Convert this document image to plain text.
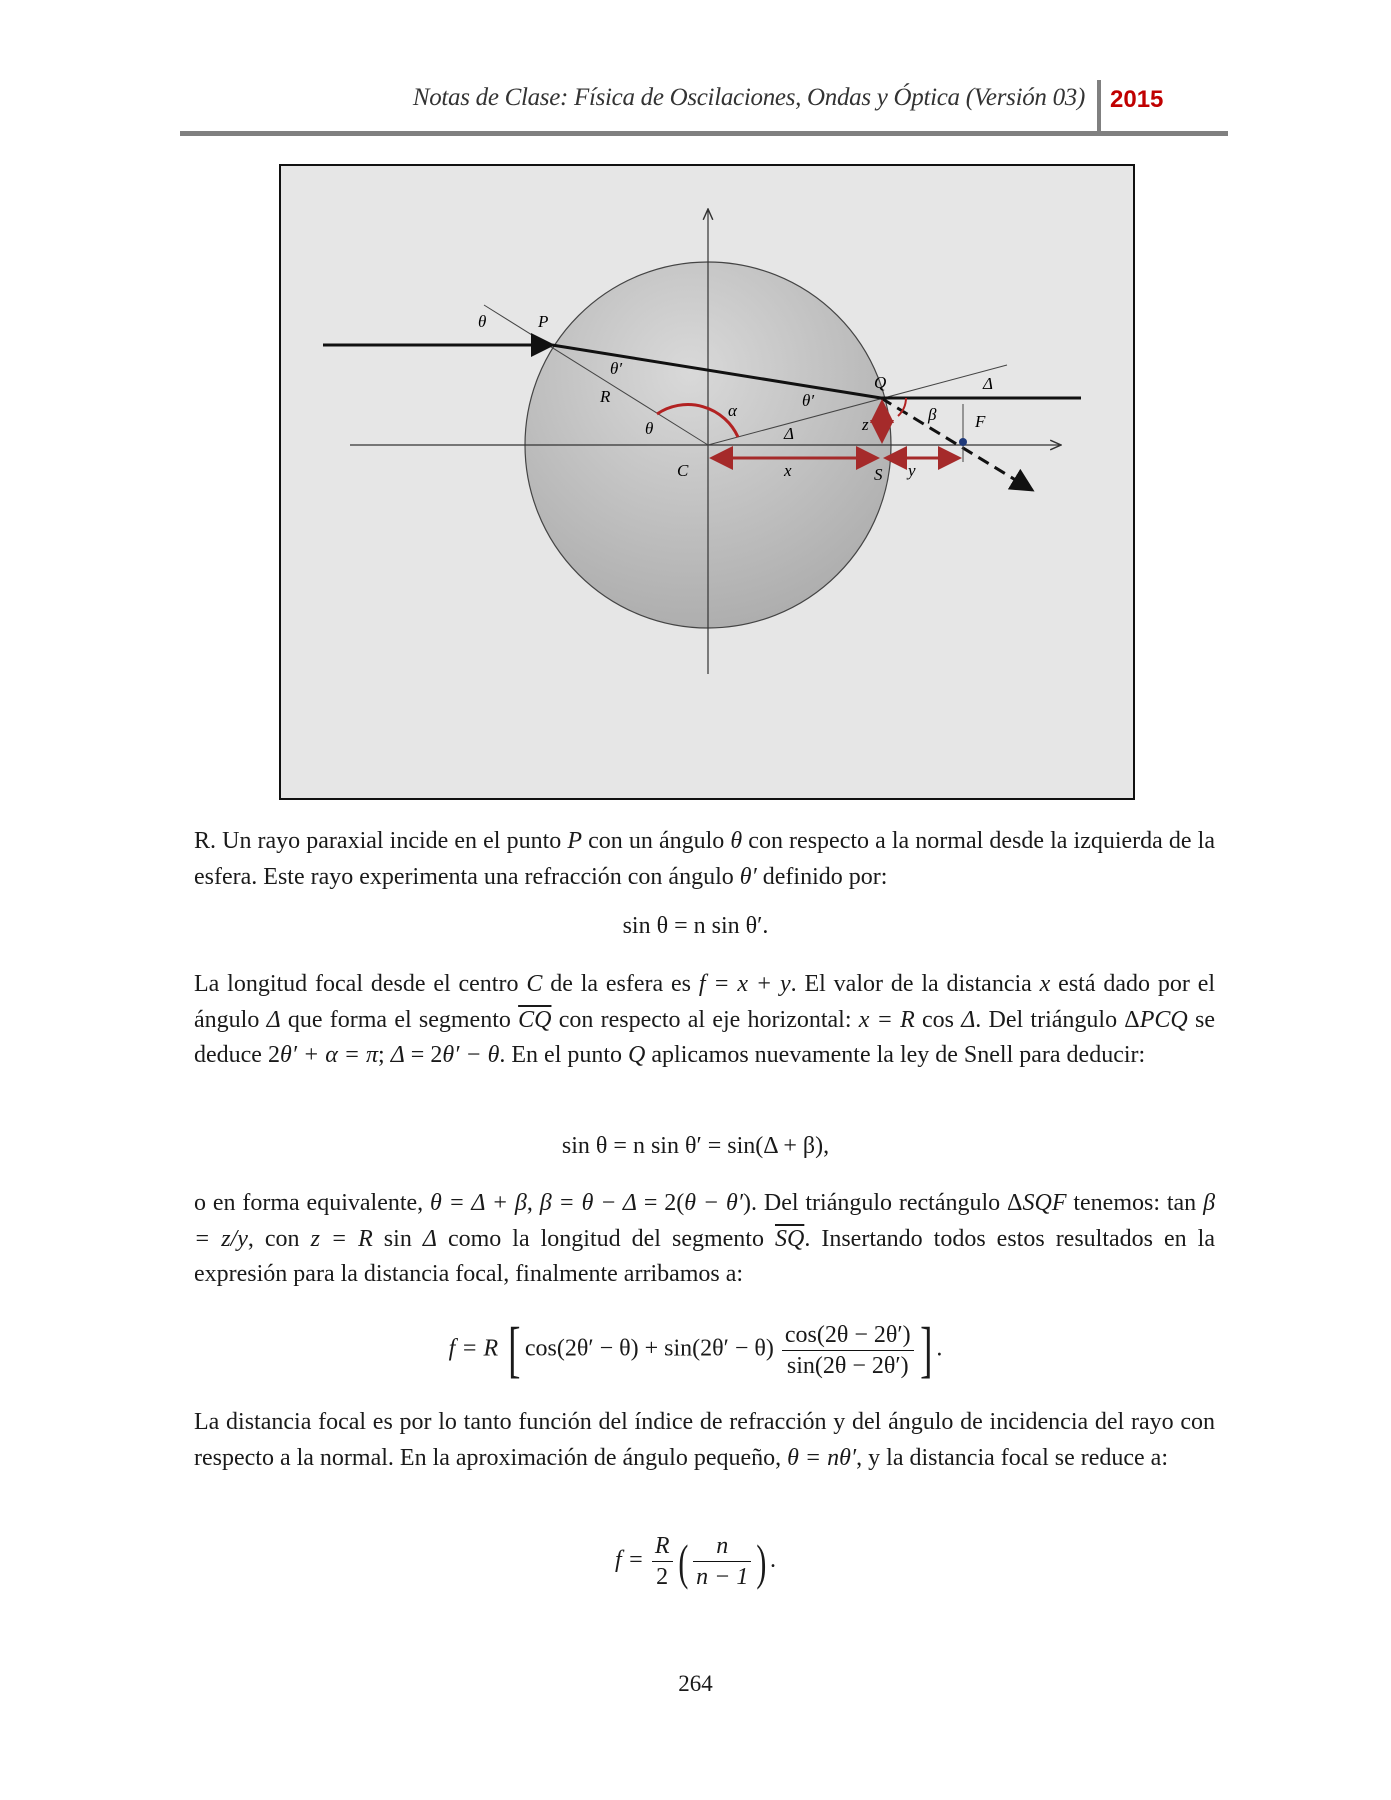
Notas de Clase: Física de Oscilaciones, Ondas y Óptica (Versión 03) 2015
θ	P
θ′
R
α
θ
θ′
Q	Δ
β
z	F
Δ
C	x	S y
R. Un rayo paraxial incide en el punto P con un ángulo θ con respecto a la normal desde la izquierda de la esfera. Este rayo experimenta una refracción con ángulo θ′ definido por:
sin θ = n sin θ′.
La longitud focal desde el centro C de la esfera es f = x + y. El valor de la distancia x está dado por el ángulo Δ que forma el segmento $\overline{CQ}$ con respecto al eje horizontal: x = R cos Δ. Del triángulo ΔPCQ se deduce 2θ′ + α = π; Δ = 2θ′ − θ. En el punto Q aplicamos nuevamente la ley de Snell para deducir:
sin θ = n sin θ′ = sin(Δ + β),
o en forma equivalente, θ = Δ + β, β = θ − Δ = 2(θ − θ′). Del triángulo rectángulo ΔSQF tenemos: tan β = z/y, con z = R sin Δ como la longitud del segmento $\overline{SQ}$. Insertando todos estos resultados en la expresión para la distancia focal, finalmente arribamos a:
f = R [ $\cos(2\theta' - \theta) + \sin(2\theta' - \theta) \frac{\cos(2\theta - 2\theta')}{\sin(2\theta - 2\theta')}$ ] .
La distancia focal es por lo tanto función del índice de refracción y del ángulo de incidencia del rayo con respecto a la normal. En la aproximación de ángulo pequeño, θ = nθ′, y la distancia focal se reduce a:
$f = \frac{R}{2}$ ( $\frac{n}{n - 1}$ ) .
264
